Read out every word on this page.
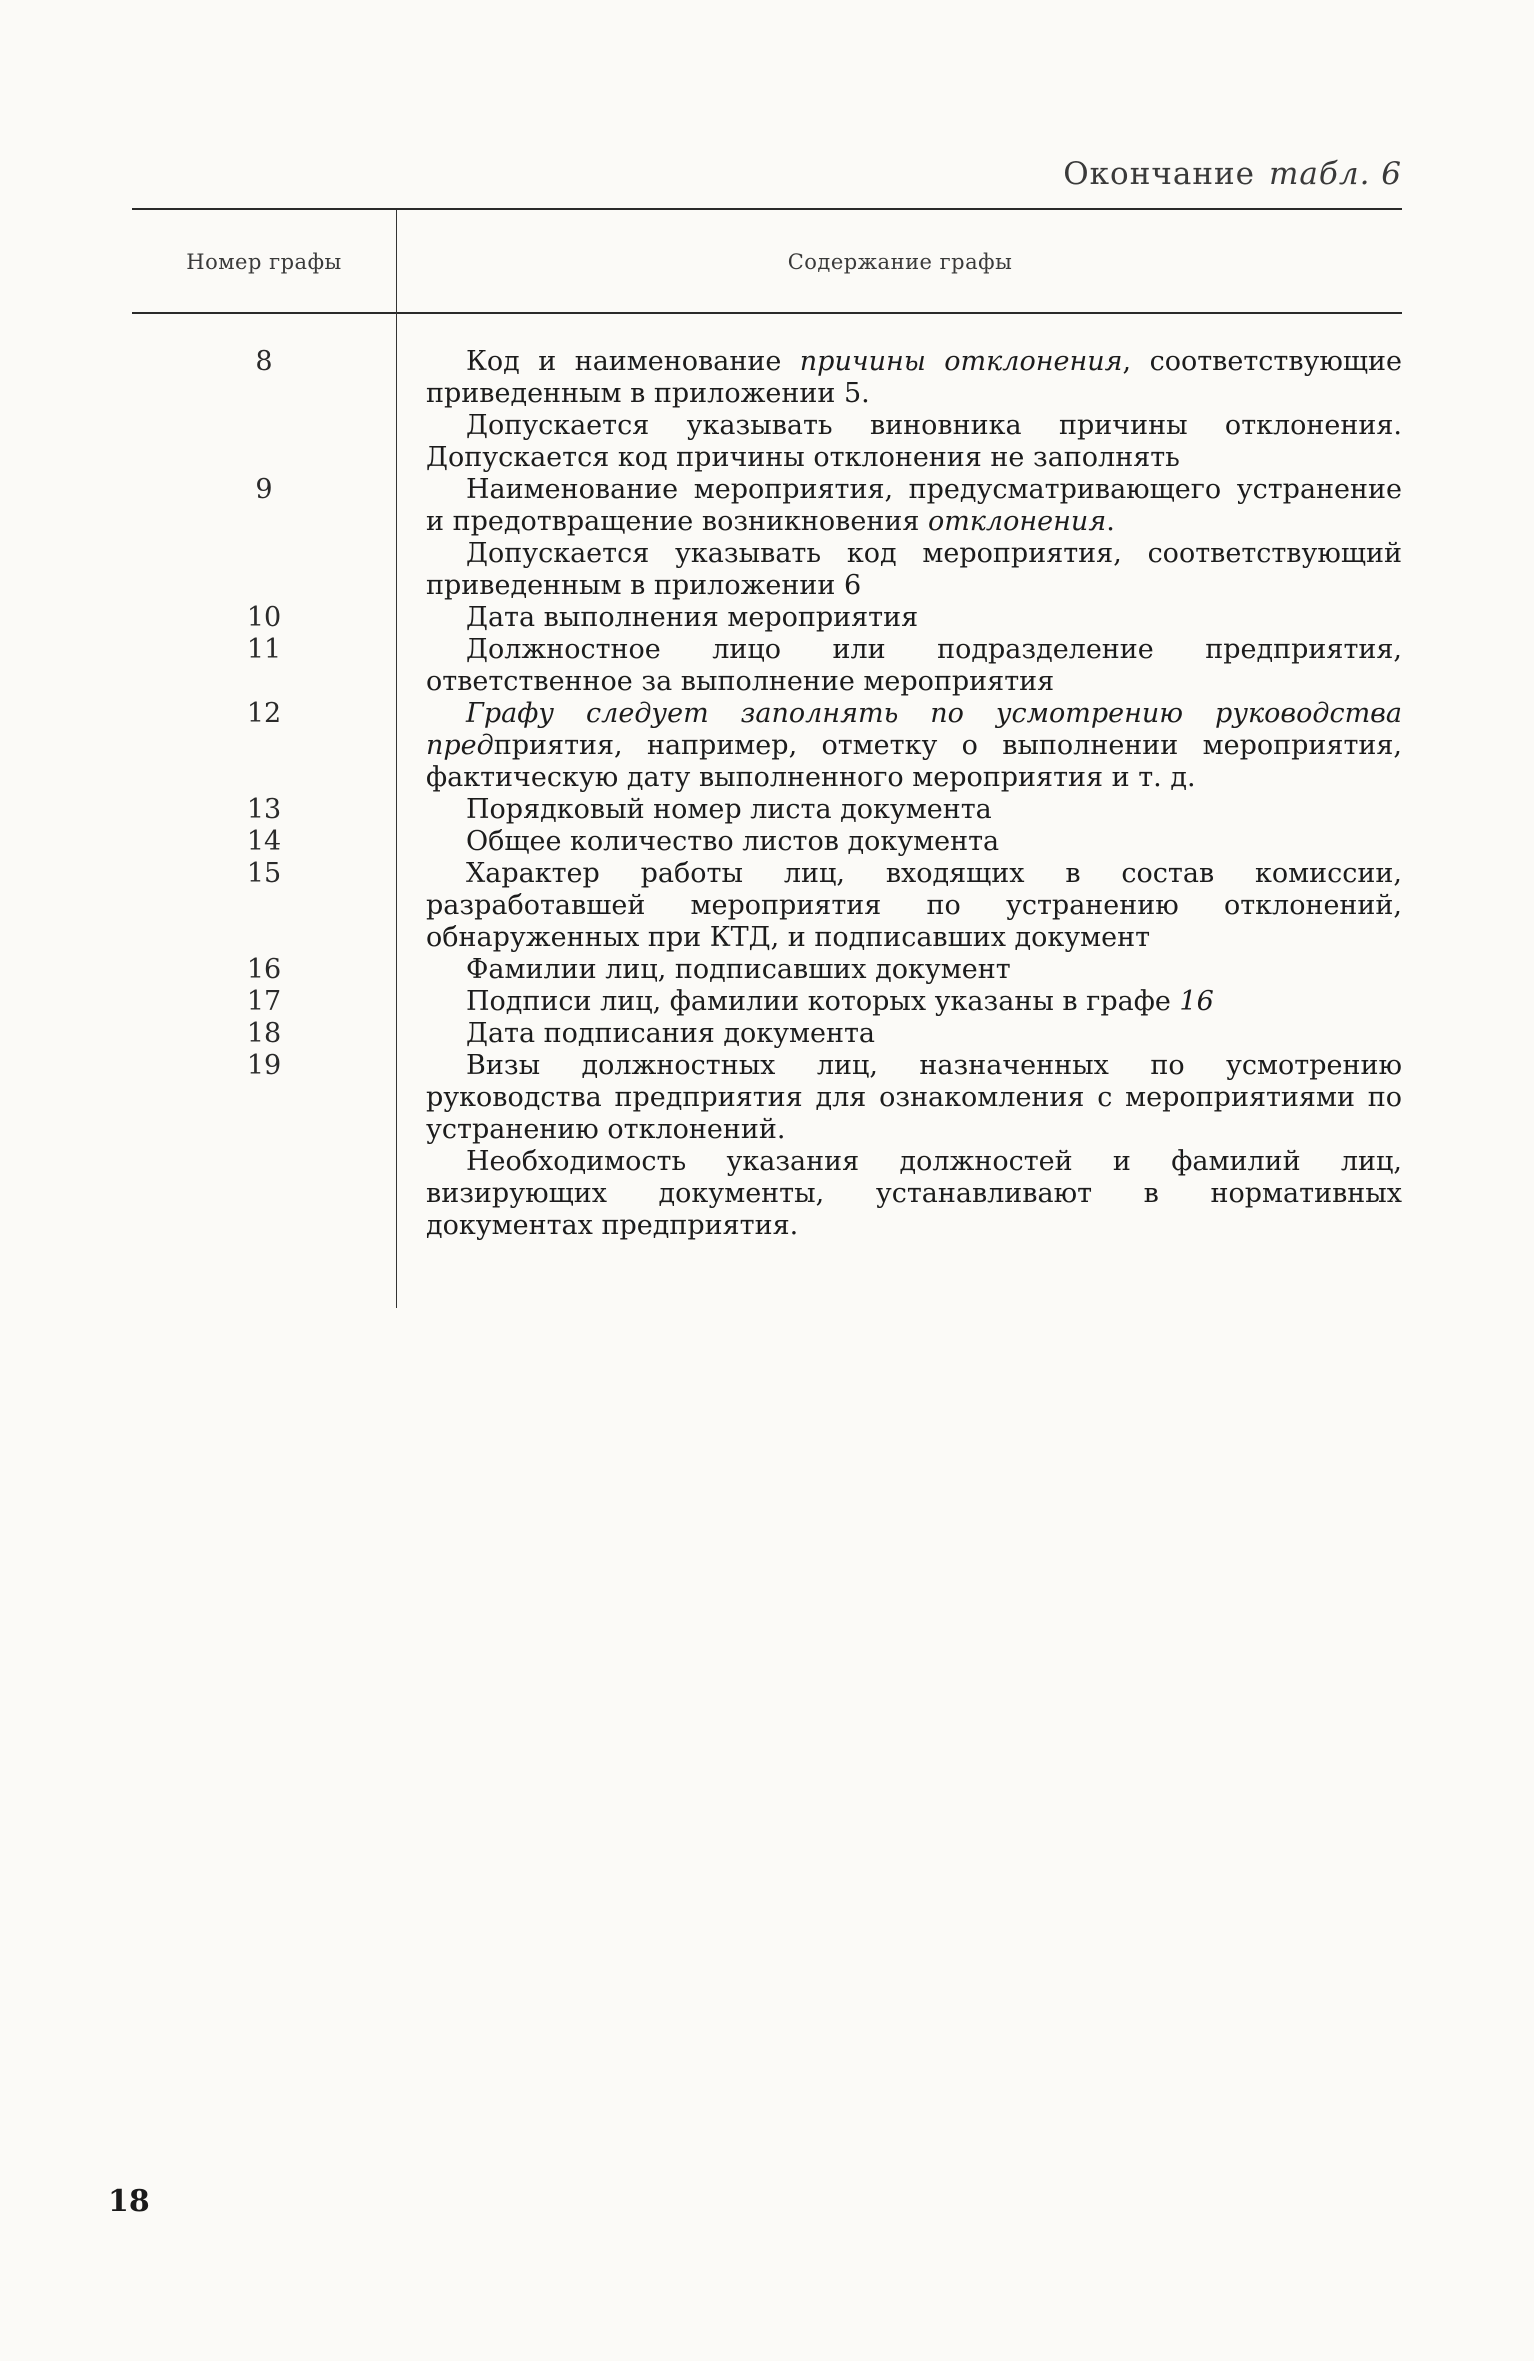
Окончание табл. 6
Номер графы	Содержание графы
8	Код и наименование причины отклонения, соответствующие приведенным в приложении 5.
Допускается указывать виновника причины отклонения. Допускается код причины отклонения не заполнять
9	Наименование мероприятия, предусматривающего устранение и предотвращение возникновения отклонения.
Допускается указывать код мероприятия, соответствующий приведенным в приложении 6
10	Дата выполнения мероприятия
11	Должностное лицо или подразделение предприятия, ответственное за выполнение мероприятия
12	Графу следует заполнять по усмотрению руководства предприятия, например, отметку о выполнении мероприятия, фактическую дату выполненного мероприятия и т. д.
13	Порядковый номер листа документа
14	Общее количество листов документа
15	Характер работы лиц, входящих в состав комиссии, разработавшей мероприятия по устранению отклонений, обнаруженных при КТД, и подписавших документ
16	Фамилии лиц, подписавших документ
17	Подписи лиц, фамилии которых указаны в графе 16
18	Дата подписания документа
19	Визы должностных лиц, назначенных по усмотрению руководства предприятия для ознакомления с мероприятиями по устранению отклонений.
Необходимость указания должностей и фамилий лиц, визирующих документы, устанавливают в нормативных документах предприятия.
18
